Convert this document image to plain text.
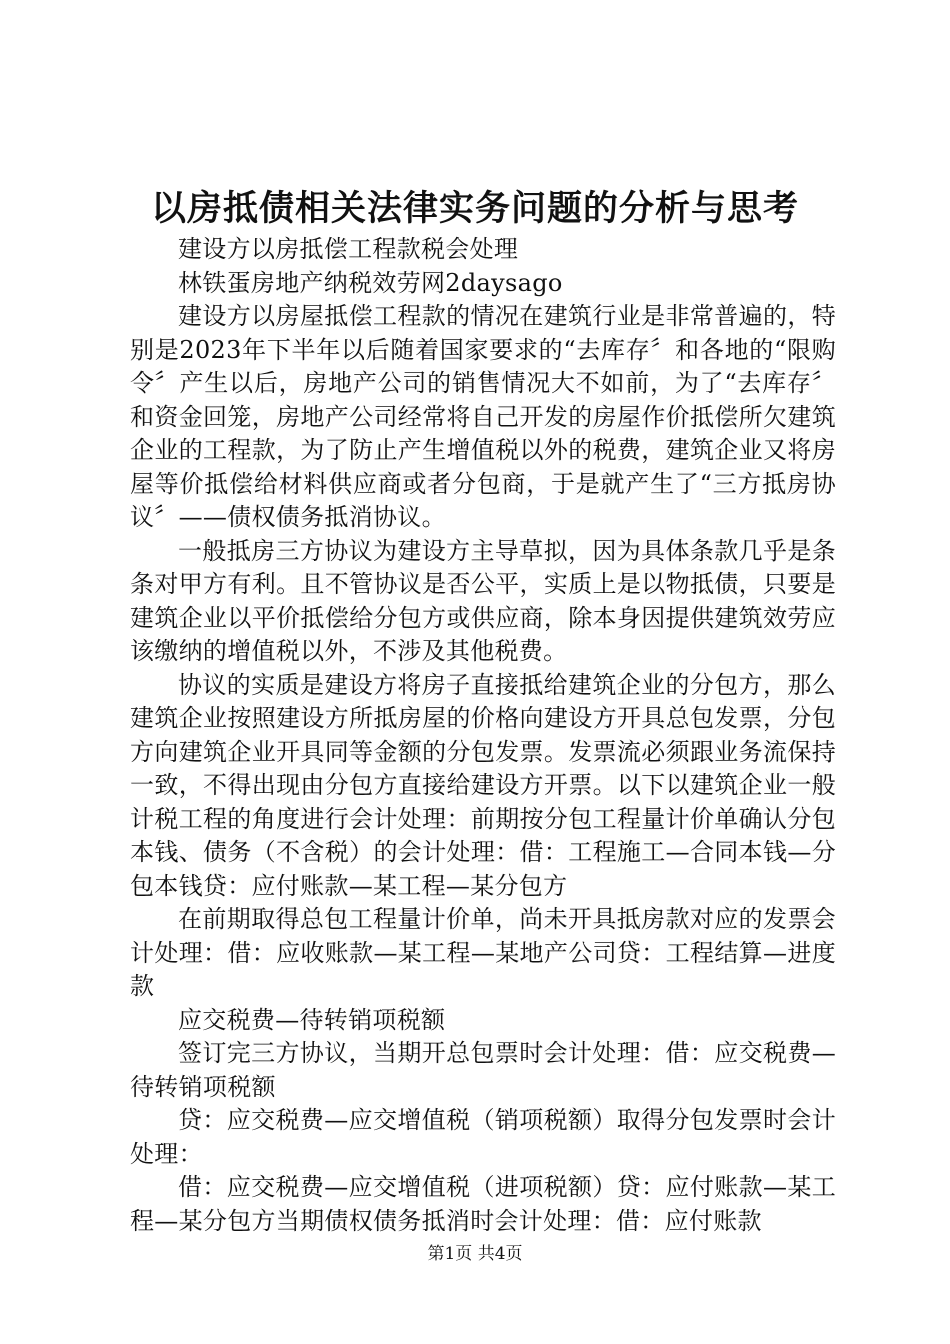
以房抵债相关法律实务问题的分析与思考

建设方以房抵偿工程款税会处理

林铁蛋房地产纳税效劳网2daysago

建设方以房屋抵偿工程款的情况在建筑行业是非常普遍的，特别是2023年下半年以后随着国家要求的“去库存〞和各地的“限购令〞产生以后，房地产公司的销售情况大不如前，为了“去库存〞和资金回笼，房地产公司经常将自己开发的房屋作价抵偿所欠建筑企业的工程款，为了防止产生增值税以外的税费，建筑企业又将房屋等价抵偿给材料供应商或者分包商，于是就产生了“三方抵房协议〞——债权债务抵消协议。

一般抵房三方协议为建设方主导草拟，因为具体条款几乎是条条对甲方有利。且不管协议是否公平，实质上是以物抵债，只要是建筑企业以平价抵偿给分包方或供应商，除本身因提供建筑效劳应该缴纳的增值税以外，不涉及其他税费。

协议的实质是建设方将房子直接抵给建筑企业的分包方，那么建筑企业按照建设方所抵房屋的价格向建设方开具总包发票，分包方向建筑企业开具同等金额的分包发票。发票流必须跟业务流保持一致，不得出现由分包方直接给建设方开票。以下以建筑企业一般计税工程的角度进行会计处理：前期按分包工程量计价单确认分包本钱、债务（不含税）的会计处理：借：工程施工—合同本钱—分包本钱贷：应付账款—某工程—某分包方

在前期取得总包工程量计价单，尚未开具抵房款对应的发票会计处理：借：应收账款—某工程—某地产公司贷：工程结算—进度款

应交税费—待转销项税额

签订完三方协议，当期开总包票时会计处理：借：应交税费—待转销项税额

贷：应交税费—应交增值税（销项税额）取得分包发票时会计处理：

借：应交税费—应交增值税（进项税额）贷：应付账款—某工程—某分包方当期债权债务抵消时会计处理：借：应付账款

第1页 共4页
